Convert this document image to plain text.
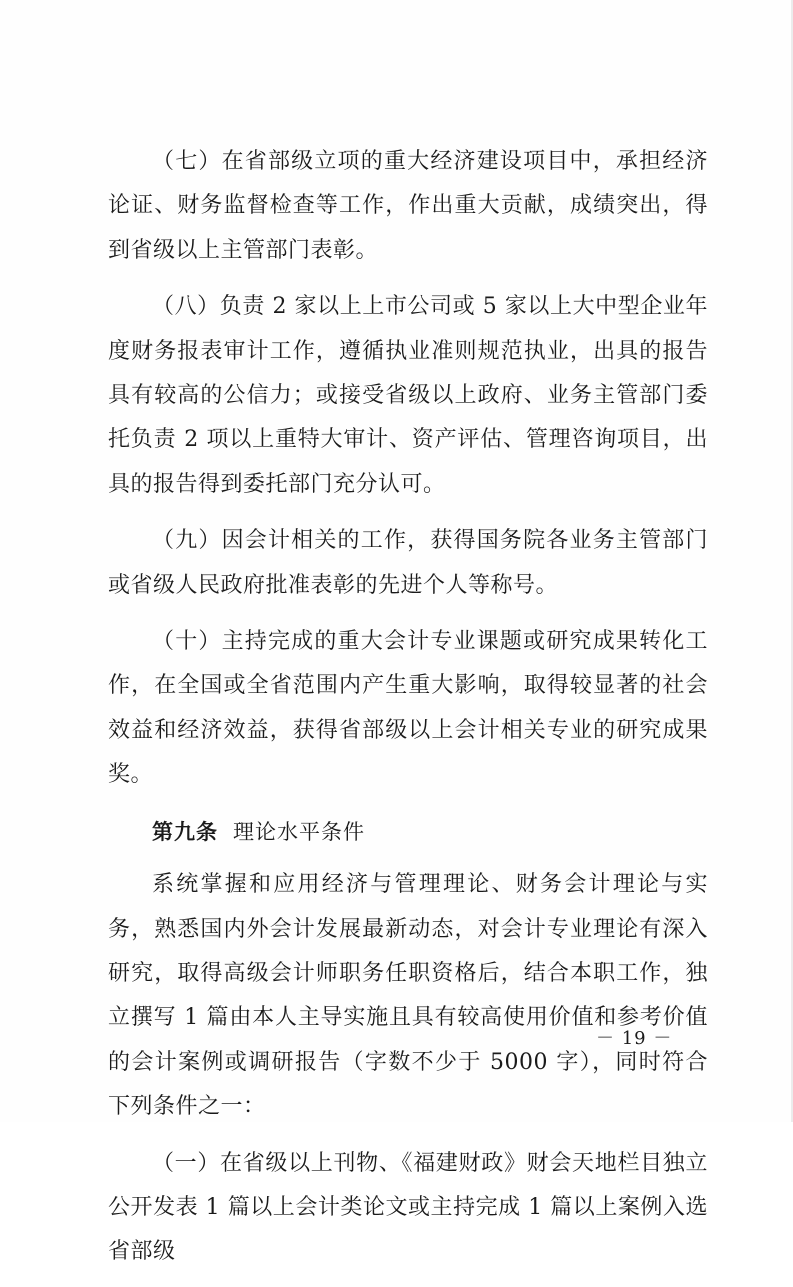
（七）在省部级立项的重大经济建设项目中，承担经济论证、财务监督检查等工作，作出重大贡献，成绩突出，得到省级以上主管部门表彰。

（八）负责 2 家以上上市公司或 5 家以上大中型企业年度财务报表审计工作，遵循执业准则规范执业，出具的报告具有较高的公信力；或接受省级以上政府、业务主管部门委托负责 2 项以上重特大审计、资产评估、管理咨询项目，出具的报告得到委托部门充分认可。

（九）因会计相关的工作，获得国务院各业务主管部门或省级人民政府批准表彰的先进个人等称号。

（十）主持完成的重大会计专业课题或研究成果转化工作，在全国或全省范围内产生重大影响，取得较显著的社会效益和经济效益，获得省部级以上会计相关专业的研究成果奖。

第九条 理论水平条件

系统掌握和应用经济与管理理论、财务会计理论与实务，熟悉国内外会计发展最新动态，对会计专业理论有深入研究，取得高级会计师职务任职资格后，结合本职工作，独立撰写 1 篇由本人主导实施且具有较高使用价值和参考价值的会计案例或调研报告（字数不少于 5000 字），同时符合下列条件之一：

（一）在省级以上刊物、《福建财政》财会天地栏目独立公开发表 1 篇以上会计类论文或主持完成 1 篇以上案例入选省部级

－ 19 －
